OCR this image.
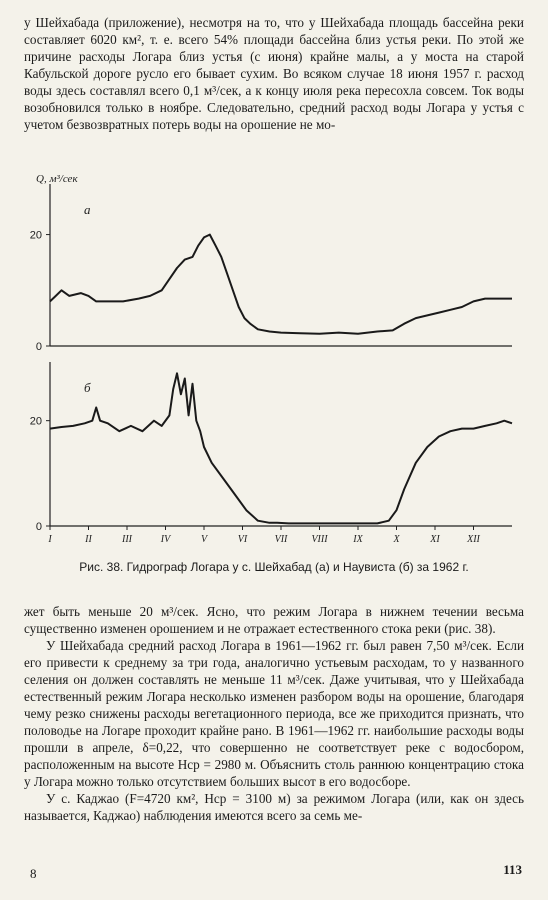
у Шейхабада (приложение), несмотря на то, что у Шейхабада площадь бассейна реки составляет 6020 км², т. е. всего 54% площади бассейна близ устья реки. По этой же причине расходы Логара близ устья (с июня) крайне малы, а у моста на старой Кабульской дороге русло его бывает сухим. Во всяком случае 18 июня 1957 г. расход воды здесь составлял всего 0,1 м³/сек, а к концу июля река пересохла совсем. Ток воды возобновился только в ноябре. Следовательно, средний расход воды Логара у устья с учетом безвозвратных потерь воды на орошение не мо-

0
20
Q, м³/сек
а
0
20
б
I	II	III	IV	V	VI	VII VIII	IX	X	XI	XII
Рис. 38. Гидрограф Логара у с. Шейхабад (а) и Наувиста (б) за 1962 г.

жет быть меньше 20 м³/сек. Ясно, что режим Логара в нижнем течении весьма существенно изменен орошением и не отражает естественного стока реки (рис. 38).

У Шейхабада средний расход Логара в 1961—1962 гг. был равен 7,50 м³/сек. Если его привести к среднему за три года, аналогично устьевым расходам, то у названного селения он должен составлять не меньше 11 м³/сек. Даже учитывая, что у Шейхабада естественный режим Логара несколько изменен разбором воды на орошение, благодаря чему резко снижены расходы вегетационного периода, все же приходится признать, что половодье на Логаре проходит крайне рано. В 1961—1962 гг. наибольшие расходы воды прошли в апреле, δ=0,22, что совершенно не соответствует реке с водосбором, расположенным на высоте Hср = 2980 м. Объяснить столь раннюю концентрацию стока у Логара можно только отсутствием больших высот в его водосборе.

У с. Каджао (F=4720 км², Hср = 3100 м) за режимом Логара (или, как он здесь называется, Каджао) наблюдения имеются всего за семь ме-

8	113
